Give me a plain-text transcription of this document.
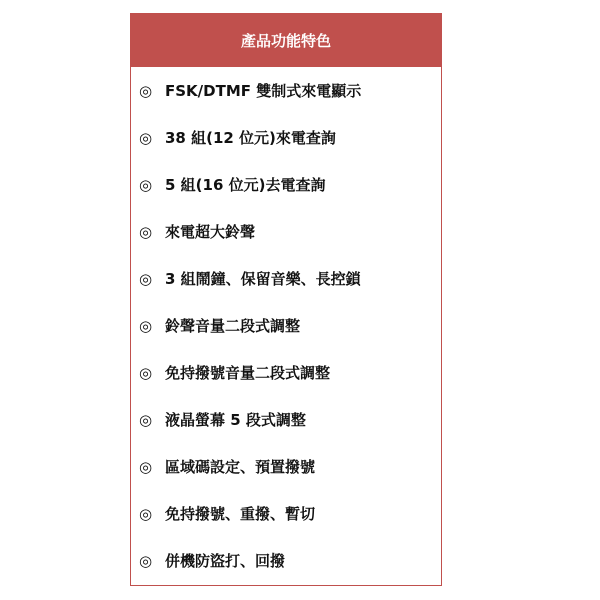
產品功能特色
◎ FSK/DTMF 雙制式來電顯示
◎ 38 組(12 位元)來電查詢
◎ 5 組(16 位元)去電查詢
◎ 來電超大鈴聲
◎ 3 組鬧鐘、保留音樂、長控鎖
◎ 鈴聲音量二段式調整
◎ 免持撥號音量二段式調整
◎ 液晶螢幕 5 段式調整
◎ 區域碼設定、預置撥號
◎ 免持撥號、重撥、暫切
◎ 併機防盜打、回撥
